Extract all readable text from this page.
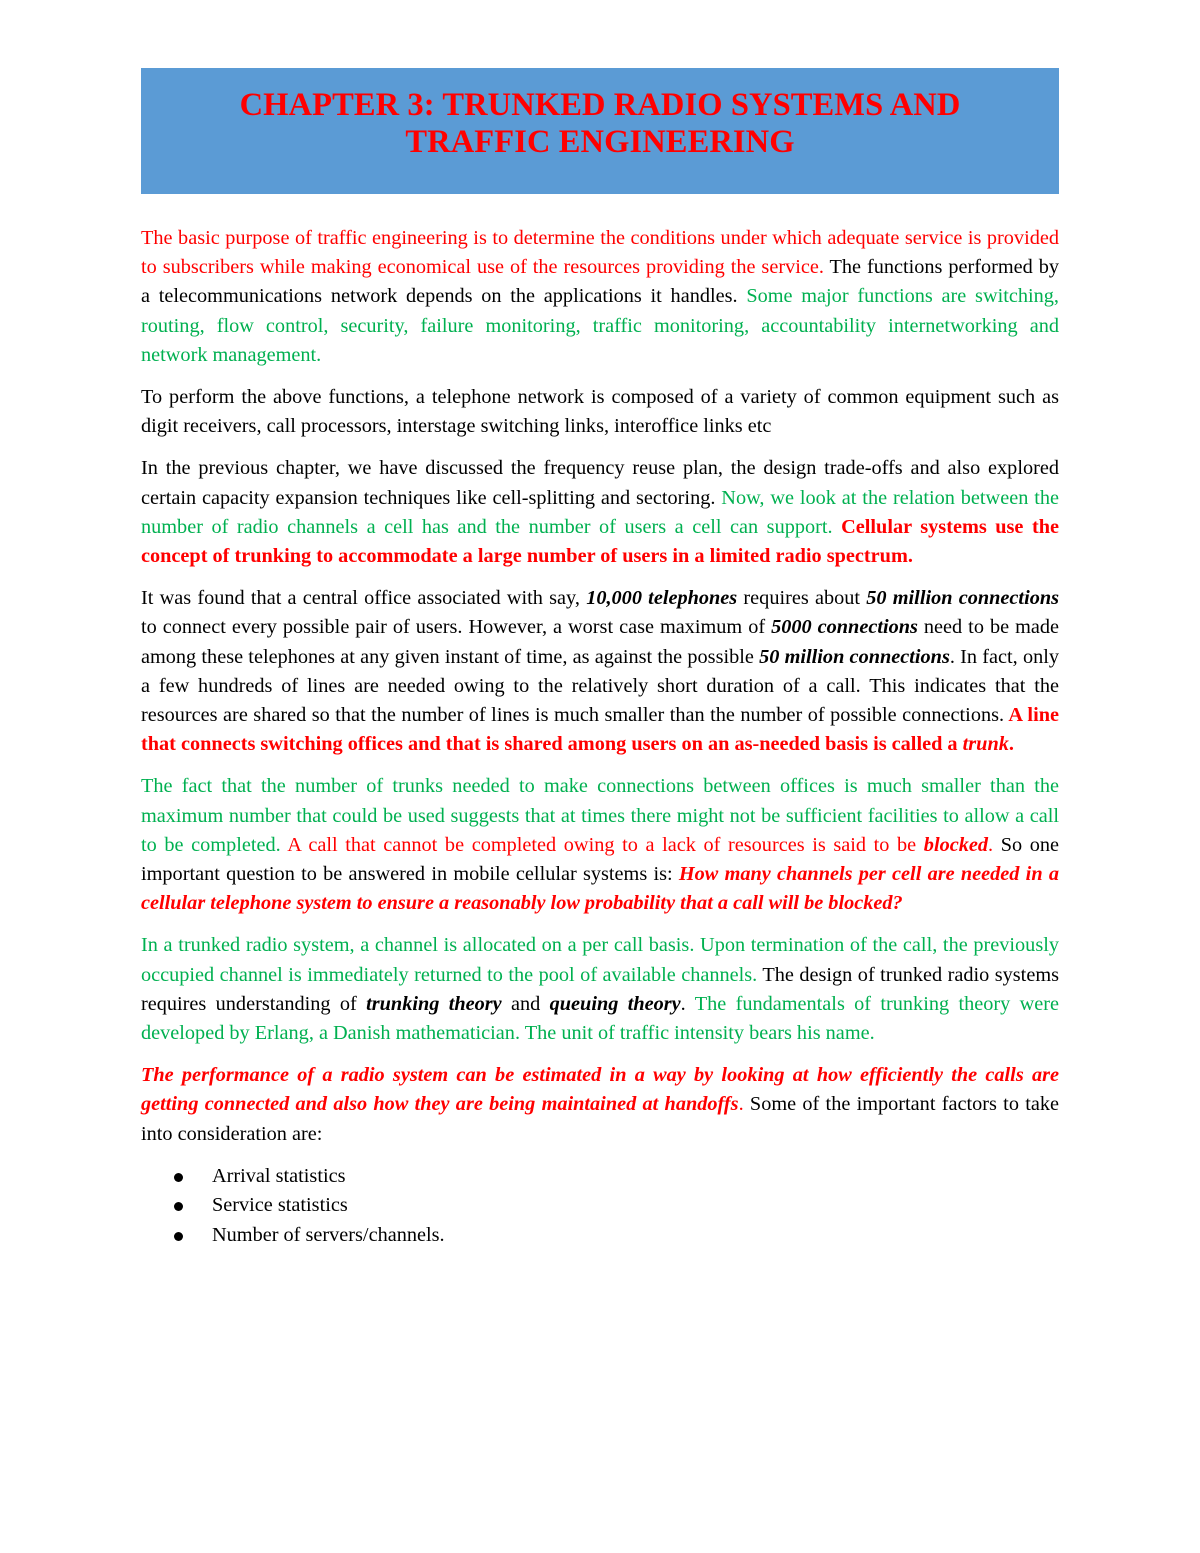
CHAPTER 3: TRUNKED RADIO SYSTEMS AND
TRAFFIC ENGINEERING

The basic purpose of traffic engineering is to determine the conditions under which adequate service is provided to subscribers while making economical use of the resources providing the service. The functions performed by a telecommunications network depends on the applications it handles. Some major functions are switching, routing, flow control, security, failure monitoring, traffic monitoring, accountability internetworking and network management.

To perform the above functions, a telephone network is composed of a variety of common equipment such as digit receivers, call processors, interstage switching links, interoffice links etc

In the previous chapter, we have discussed the frequency reuse plan, the design trade-offs and also explored certain capacity expansion techniques like cell-splitting and sectoring. Now, we look at the relation between the number of radio channels a cell has and the number of users a cell can support. Cellular systems use the concept of trunking to accommodate a large number of users in a limited radio spectrum.

It was found that a central office associated with say, 10,000 telephones requires about 50 million connections to connect every possible pair of users. However, a worst case maximum of 5000 connections need to be made among these telephones at any given instant of time, as against the possible 50 million connections. In fact, only a few hundreds of lines are needed owing to the relatively short duration of a call. This indicates that the resources are shared so that the number of lines is much smaller than the number of possible connections. A line that connects switching offices and that is shared among users on an as-needed basis is called a trunk.

The fact that the number of trunks needed to make connections between offices is much smaller than the maximum number that could be used suggests that at times there might not be sufficient facilities to allow a call to be completed. A call that cannot be completed owing to a lack of resources is said to be blocked. So one important question to be answered in mobile cellular systems is: How many channels per cell are needed in a cellular telephone system to ensure a reasonably low probability that a call will be blocked?

In a trunked radio system, a channel is allocated on a per call basis. Upon termination of the call, the previously occupied channel is immediately returned to the pool of available channels. The design of trunked radio systems requires understanding of trunking theory and queuing theory. The fundamentals of trunking theory were developed by Erlang, a Danish mathematician. The unit of traffic intensity bears his name.

The performance of a radio system can be estimated in a way by looking at how efficiently the calls are getting connected and also how they are being maintained at handoffs. Some of the important factors to take into consideration are:

Arrival statistics
Service statistics
Number of servers/channels.
